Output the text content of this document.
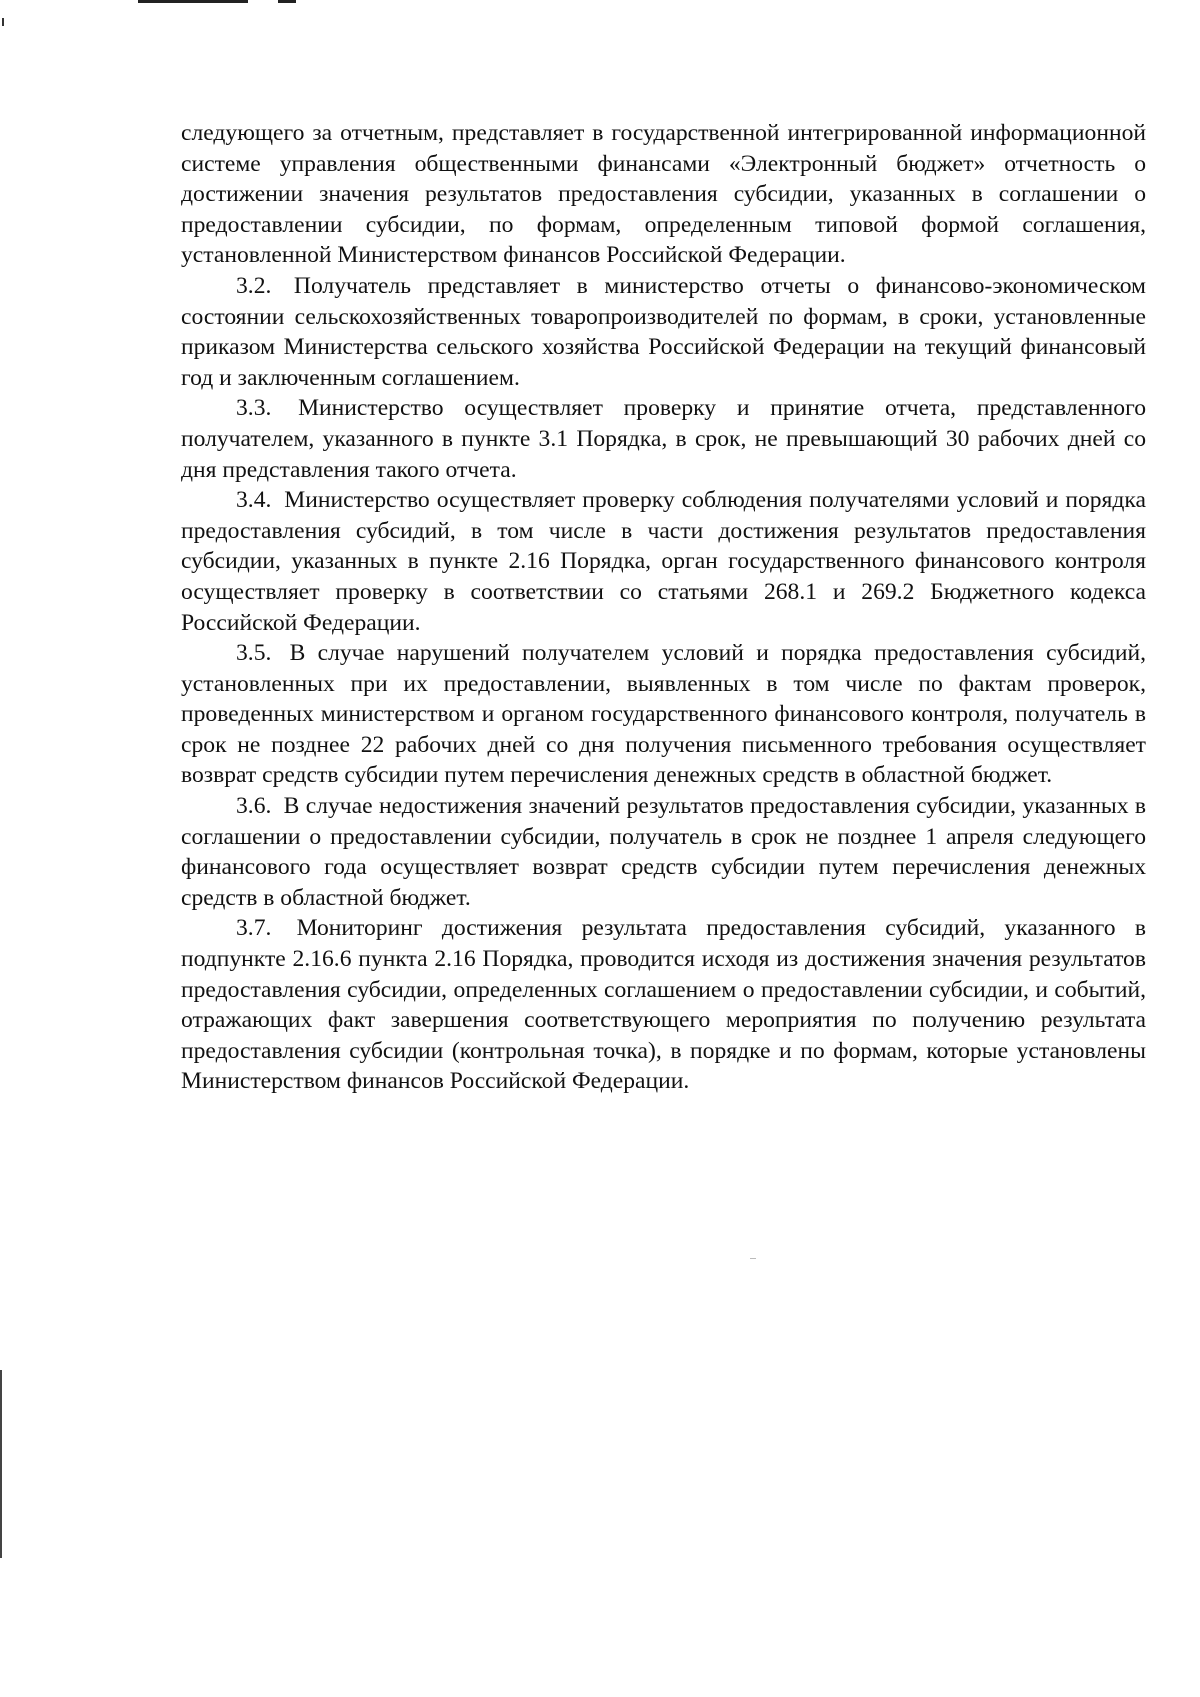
следующего за отчетным, представляет в государственной интегрированной информационной системе управления общественными финансами «Электронный бюджет» отчетность о достижении значения результатов предоставления субсидии, указанных в соглашении о предоставлении субсидии, по формам, определенным типовой формой соглашения, установленной Министерством финансов Российской Федерации.

3.2. Получатель представляет в министерство отчеты о финансово-экономическом состоянии сельскохозяйственных товаропроизводителей по формам, в сроки, установленные приказом Министерства сельского хозяйства Российской Федерации на текущий финансовый год и заключенным соглашением.

3.3. Министерство осуществляет проверку и принятие отчета, представленного получателем, указанного в пункте 3.1 Порядка, в срок, не превышающий 30 рабочих дней со дня представления такого отчета.

3.4. Министерство осуществляет проверку соблюдения получателями условий и порядка предоставления субсидий, в том числе в части достижения результатов предоставления субсидии, указанных в пункте 2.16 Порядка, орган государственного финансового контроля осуществляет проверку в соответствии со статьями 268.1 и 269.2 Бюджетного кодекса Российской Федерации.

3.5. В случае нарушений получателем условий и порядка предоставления субсидий, установленных при их предоставлении, выявленных в том числе по фактам проверок, проведенных министерством и органом государственного финансового контроля, получатель в срок не позднее 22 рабочих дней со дня получения письменного требования осуществляет возврат средств субсидии путем перечисления денежных средств в областной бюджет.

3.6. В случае недостижения значений результатов предоставления субсидии, указанных в соглашении о предоставлении субсидии, получатель в срок не позднее 1 апреля следующего финансового года осуществляет возврат средств субсидии путем перечисления денежных средств в областной бюджет.

3.7. Мониторинг достижения результата предоставления субсидий, указанного в подпункте 2.16.6 пункта 2.16 Порядка, проводится исходя из достижения значения результатов предоставления субсидии, определенных соглашением о предоставлении субсидии, и событий, отражающих факт завершения соответствующего мероприятия по получению результата предоставления субсидии (контрольная точка), в порядке и по формам, которые установлены Министерством финансов Российской Федерации.
